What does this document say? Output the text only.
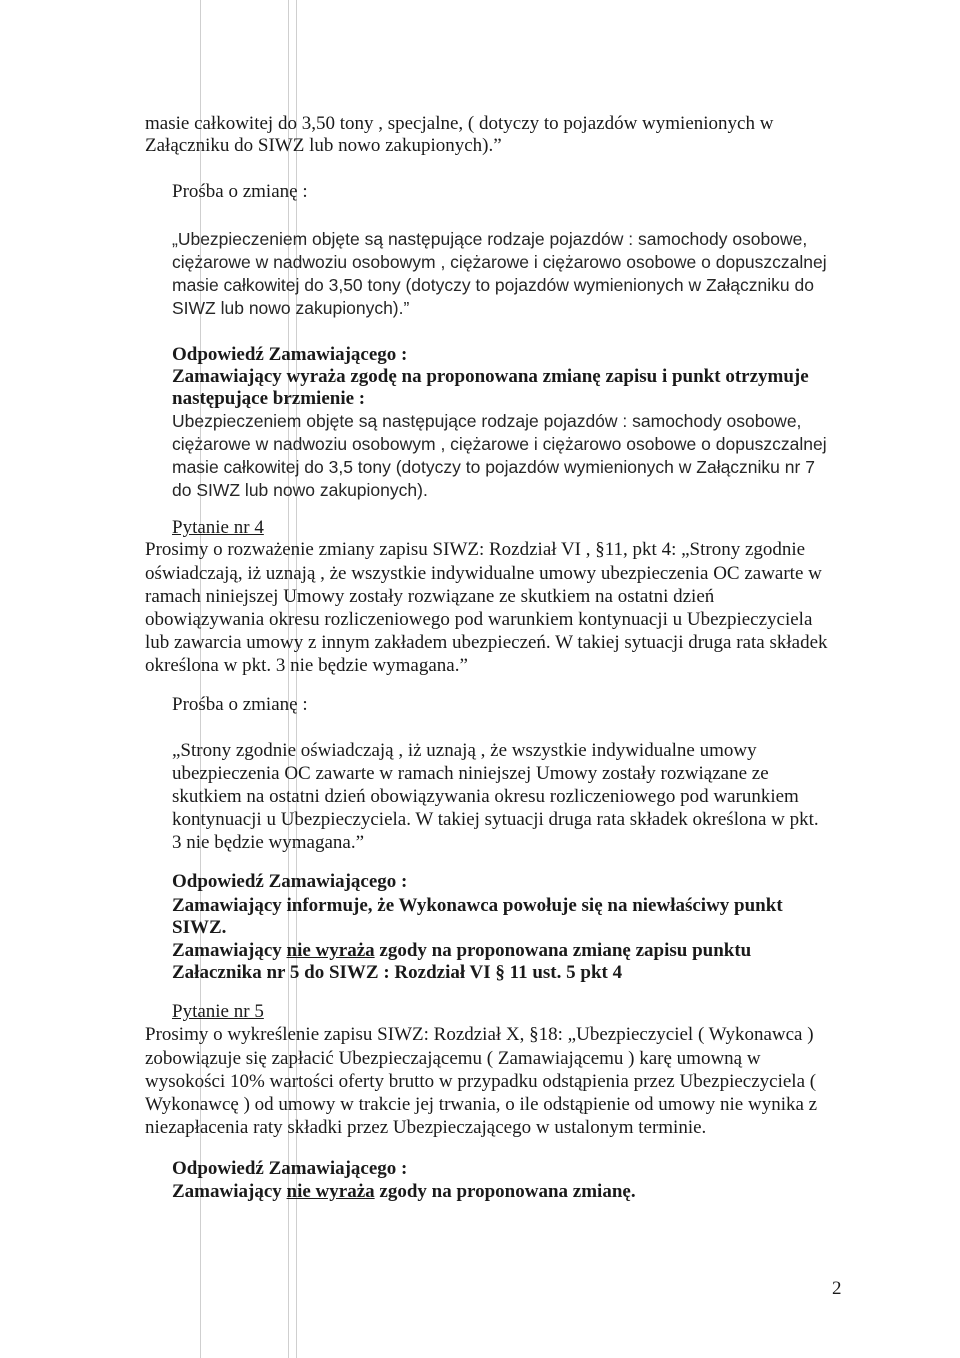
masie całkowitej do 3,50 tony , specjalne, ( dotyczy to pojazdów wymienionych w
Załączniku do SIWZ lub nowo zakupionych).”
Prośba o zmianę :
„Ubezpieczeniem objęte są następujące rodzaje pojazdów : samochody osobowe,
ciężarowe w nadwoziu osobowym , ciężarowe i ciężarowo osobowe o dopuszczalnej
masie całkowitej do 3,50 tony (dotyczy to pojazdów wymienionych w Załączniku do
SIWZ lub nowo zakupionych).”
Odpowiedź Zamawiającego :
Zamawiający wyraża zgodę na proponowana zmianę zapisu i punkt otrzymuje
następujące brzmienie :
Ubezpieczeniem objęte są następujące rodzaje pojazdów : samochody osobowe,
ciężarowe w nadwoziu osobowym , ciężarowe i ciężarowo osobowe o dopuszczalnej
masie całkowitej do 3,5 tony (dotyczy to pojazdów wymienionych w Załączniku nr 7
do SIWZ lub nowo zakupionych).
Pytanie nr 4
Prosimy o rozważenie zmiany zapisu SIWZ: Rozdział VI , §11, pkt 4: „Strony zgodnie
oświadczają, iż uznają , że wszystkie indywidualne umowy ubezpieczenia OC zawarte w
ramach niniejszej Umowy zostały rozwiązane ze skutkiem na ostatni dzień
obowiązywania okresu rozliczeniowego pod warunkiem kontynuacji u Ubezpieczyciela
lub zawarcia umowy z innym zakładem ubezpieczeń. W takiej sytuacji druga rata składek
określona w pkt. 3 nie będzie wymagana.”
Prośba o zmianę :
„Strony zgodnie oświadczają , iż uznają , że wszystkie indywidualne umowy
ubezpieczenia OC zawarte w ramach niniejszej Umowy zostały rozwiązane ze
skutkiem na ostatni dzień obowiązywania okresu rozliczeniowego pod warunkiem
kontynuacji u Ubezpieczyciela. W takiej sytuacji druga rata składek określona w pkt.
3 nie będzie wymagana.”
Odpowiedź Zamawiającego :
Zamawiający informuje, że Wykonawca powołuje się na niewłaściwy punkt
SIWZ.
Zamawiający nie wyraża zgody na proponowana zmianę zapisu punktu
Załacznika nr 5 do SIWZ : Rozdział VI § 11 ust. 5 pkt 4
Pytanie nr 5
Prosimy o wykreślenie zapisu SIWZ: Rozdział X, §18: „Ubezpieczyciel ( Wykonawca )
zobowiązuje się zapłacić Ubezpieczającemu ( Zamawiającemu ) karę umowną w
wysokości 10% wartości oferty brutto w przypadku odstąpienia przez Ubezpieczyciela (
Wykonawcę ) od umowy w trakcie jej trwania, o ile odstąpienie od umowy nie wynika z
niezapłacenia raty składki przez Ubezpieczającego w ustalonym terminie.
Odpowiedź Zamawiającego :
Zamawiający nie wyraża zgody na proponowana zmianę.
2
